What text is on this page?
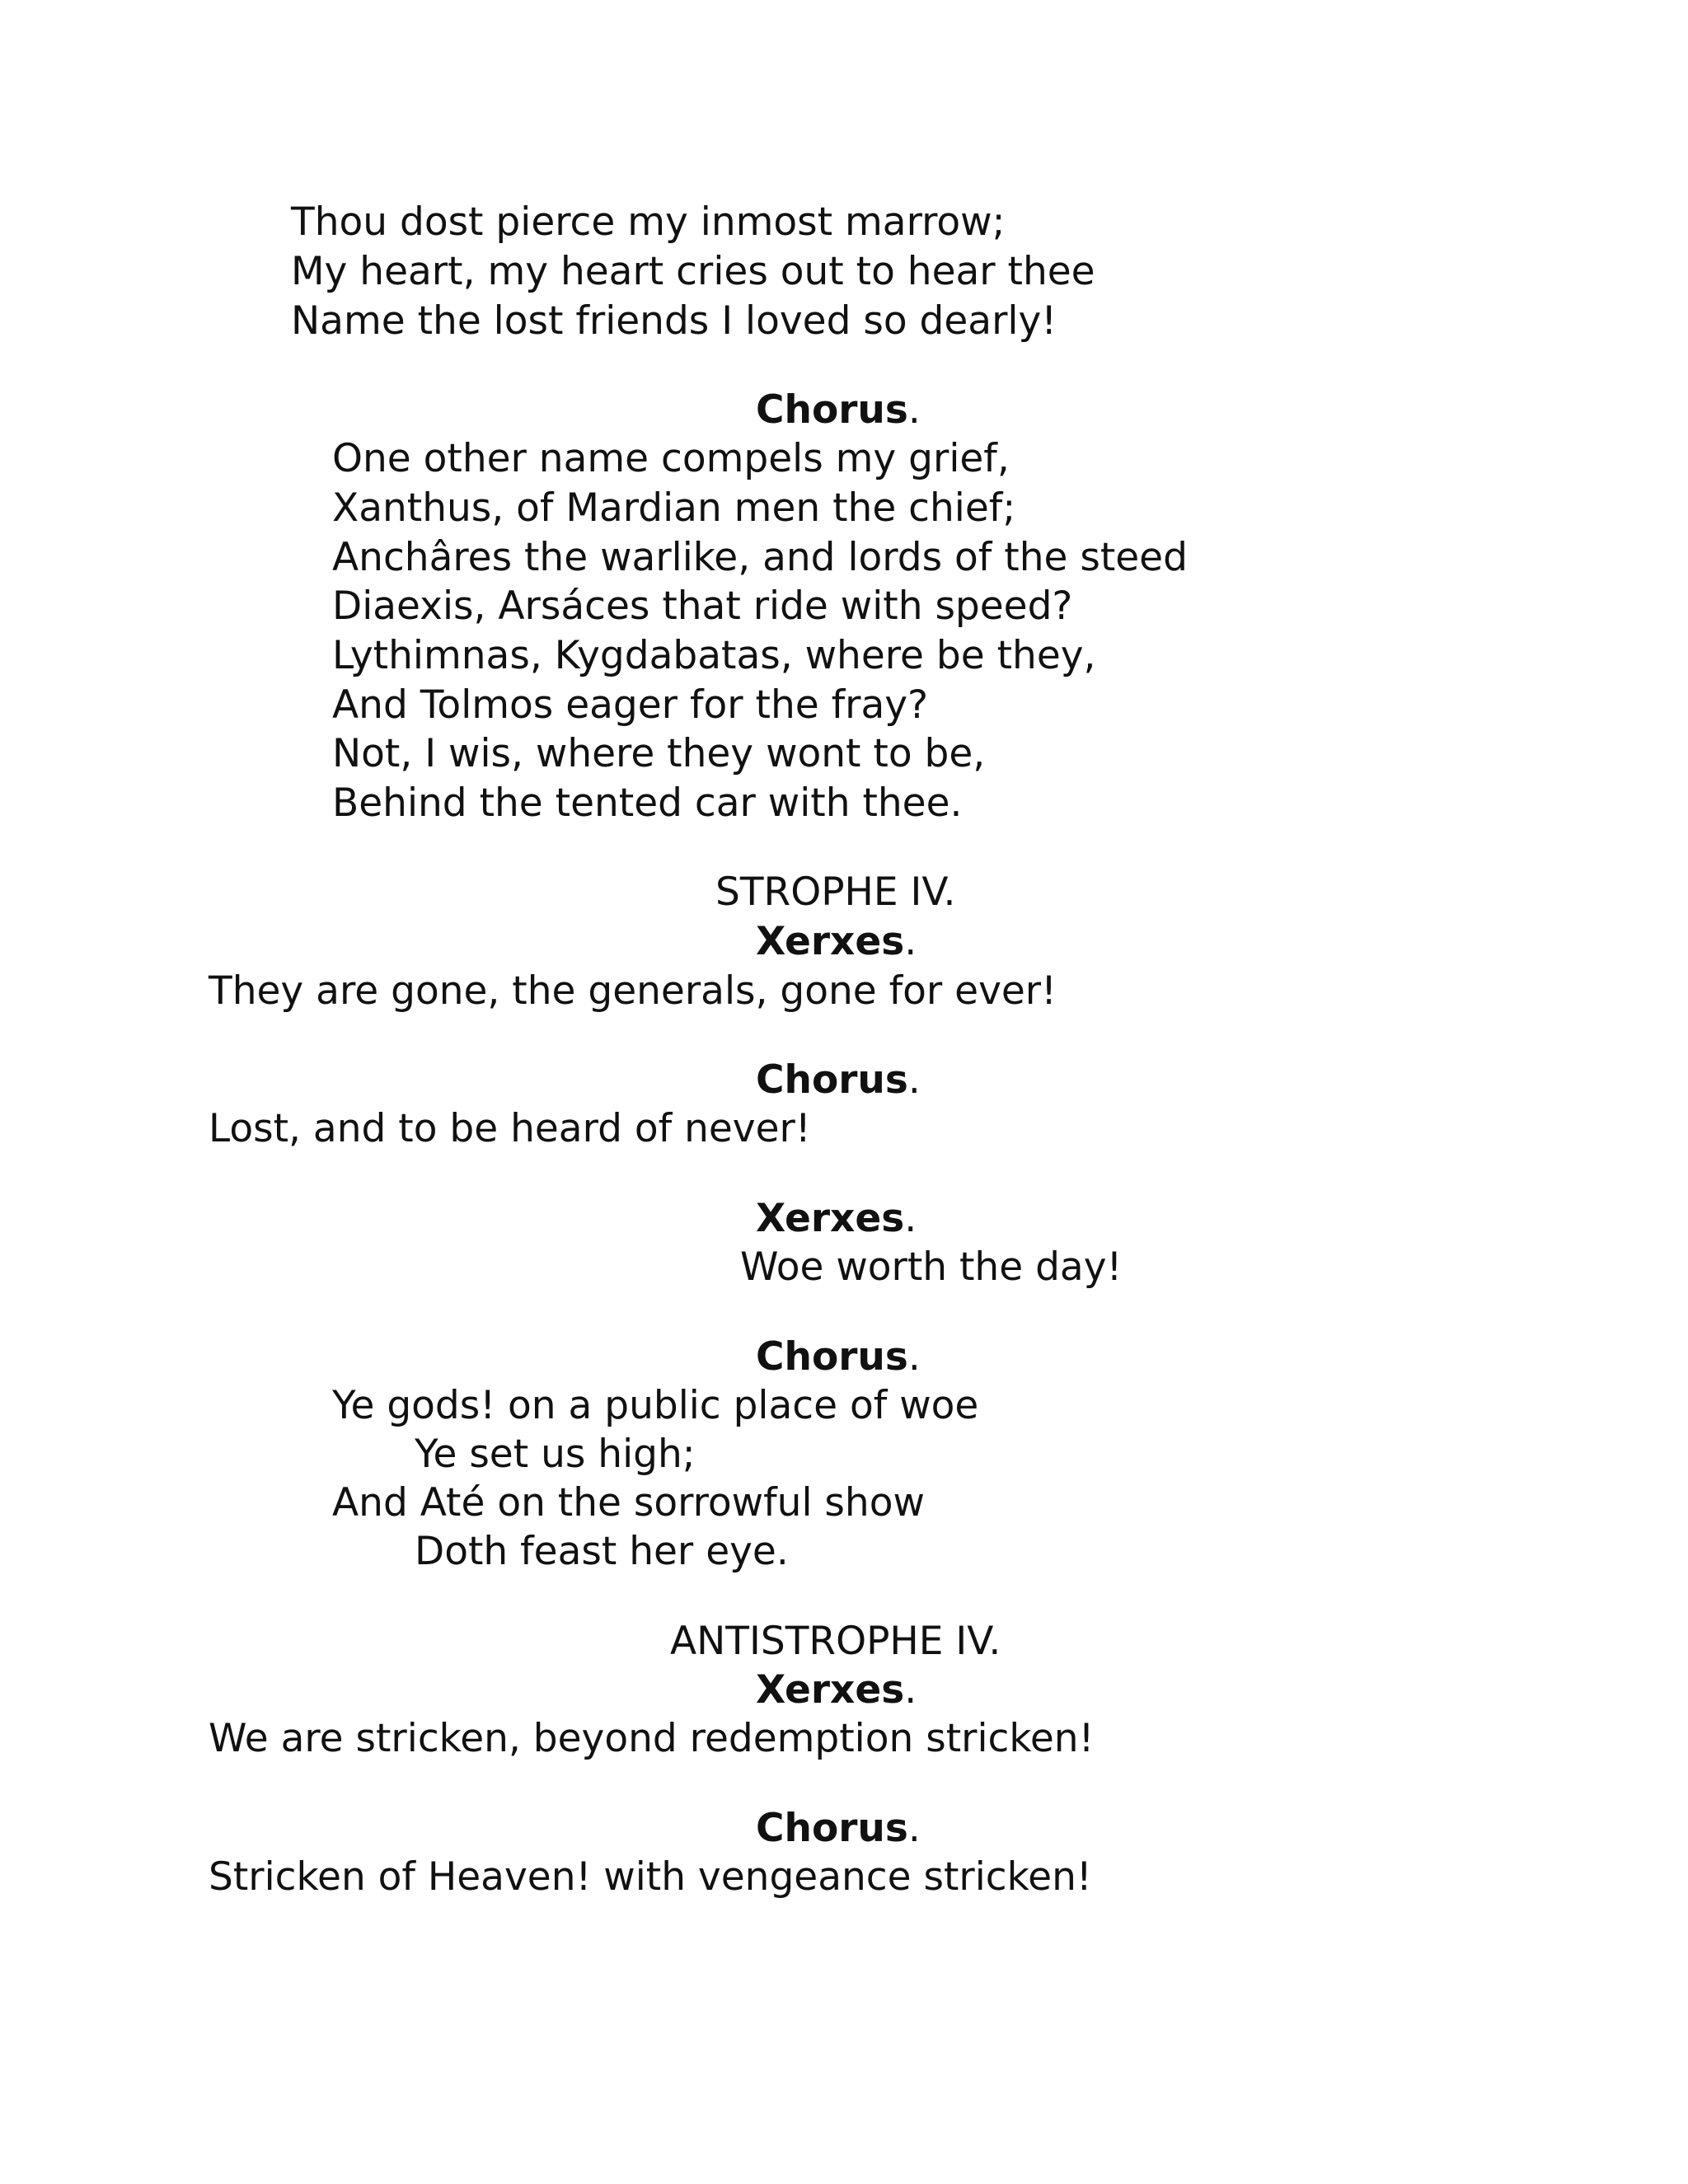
Thou dost pierce my inmost marrow;
My heart, my heart cries out to hear thee
Name the lost friends I loved so dearly!
Chorus.
One other name compels my grief,
Xanthus, of Mardian men the chief;
Anchâres the warlike, and lords of the steed
Diaexis, Arsáces that ride with speed?
Lythimnas, Kygdabatas, where be they,
And Tolmos eager for the fray?
Not, I wis, where they wont to be,
Behind the tented car with thee.
STROPHE IV.
Xerxes.
They are gone, the generals, gone for ever!
Chorus.
Lost, and to be heard of never!
Xerxes.
Woe worth the day!
Chorus.
Ye gods! on a public place of woe
Ye set us high;
And Até on the sorrowful show
Doth feast her eye.
ANTISTROPHE IV.
Xerxes.
We are stricken, beyond redemption stricken!
Chorus.
Stricken of Heaven! with vengeance stricken!
